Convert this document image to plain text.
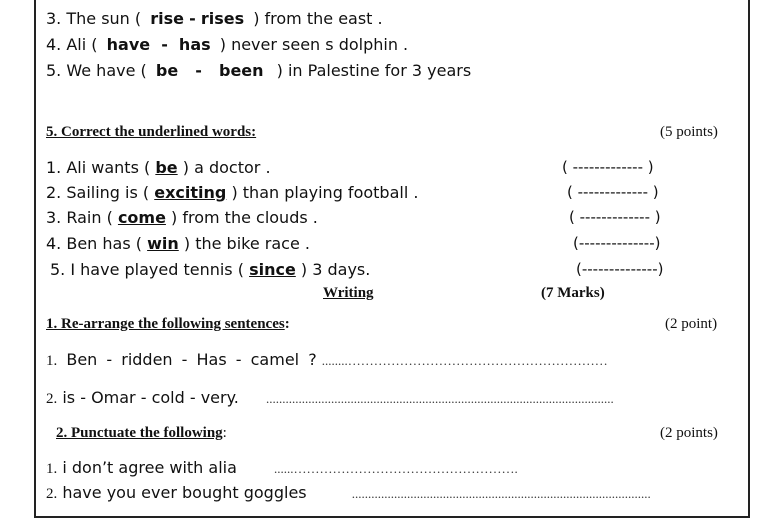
3. The sun ( rise - rises ) from the east .
4. Ali ( have - has ) never seen s dolphin .
5. We have ( be - been ) in Palestine for 3 years
5. Correct the underlined words:	(5 points)
1. Ali wants ( be ) a doctor .	( ------------- )
2. Sailing is ( exciting ) than playing football .	( ------------- )
3. Rain ( come ) from the clouds .	( ------------- )
4. Ben has ( win ) the bike race .	(--------------)
5. I have played tennis ( since ) 3 days.	(--------------)
Writing	(7 Marks)
1. Re-arrange the following sentences:	(2 point)
1. Ben - ridden - Has - camel ? ........……………………………………………………
2. is - Omar - cold - very. ...........................................................................................................
2. Punctuate the following:	(2 points)
1. i don’t agree with alia	......…………………………………………….
2. have you ever bought goggles	............................................................................................
